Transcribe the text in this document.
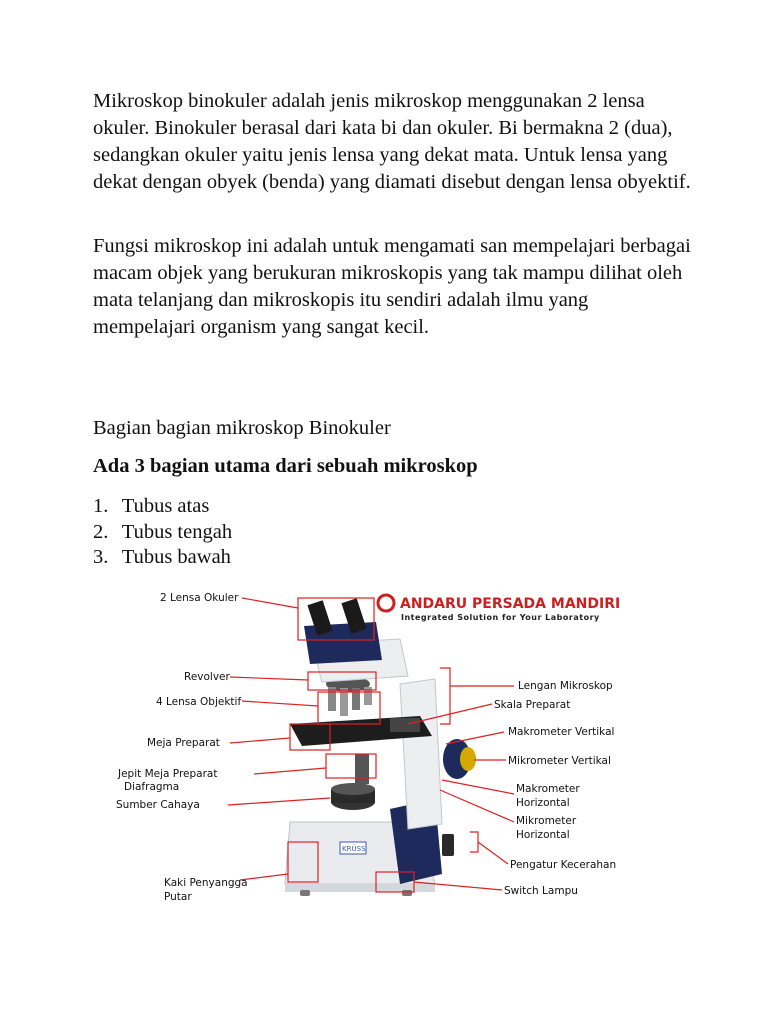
Mikroskop binokuler adalah jenis mikroskop menggunakan 2 lensa okuler. Binokuler berasal dari kata bi dan okuler. Bi bermakna 2 (dua), sedangkan okuler yaitu jenis lensa yang dekat mata. Untuk lensa yang dekat dengan obyek (benda) yang diamati disebut dengan lensa obyektif.

Fungsi mikroskop ini adalah untuk mengamati san mempelajari berbagai macam objek yang berukuran mikroskopis yang tak mampu dilihat oleh mata telanjang dan mikroskopis itu sendiri adalah ilmu yang mempelajari organism yang sangat kecil.

Bagian bagian mikroskop Binokuler
Ada 3 bagian utama dari sebuah mikroskop
1. Tubus atas
2. Tubus tengah
3. Tubus bawah
ANDARU PERSADA MANDIRI
Integrated Solution for Your Laboratory
KRÜSS
2 Lensa Okuler
Revolver
4 Lensa Objektif
Meja Preparat
Jepit Meja Preparat
Diafragma
Sumber Cahaya
Kaki Penyangga
Putar
Lengan Mikroskop
Skala Preparat
Makrometer Vertikal
Mikrometer Vertikal
Makrometer
Horizontal
Mikrometer
Horizontal
Pengatur Kecerahan
Switch Lampu
